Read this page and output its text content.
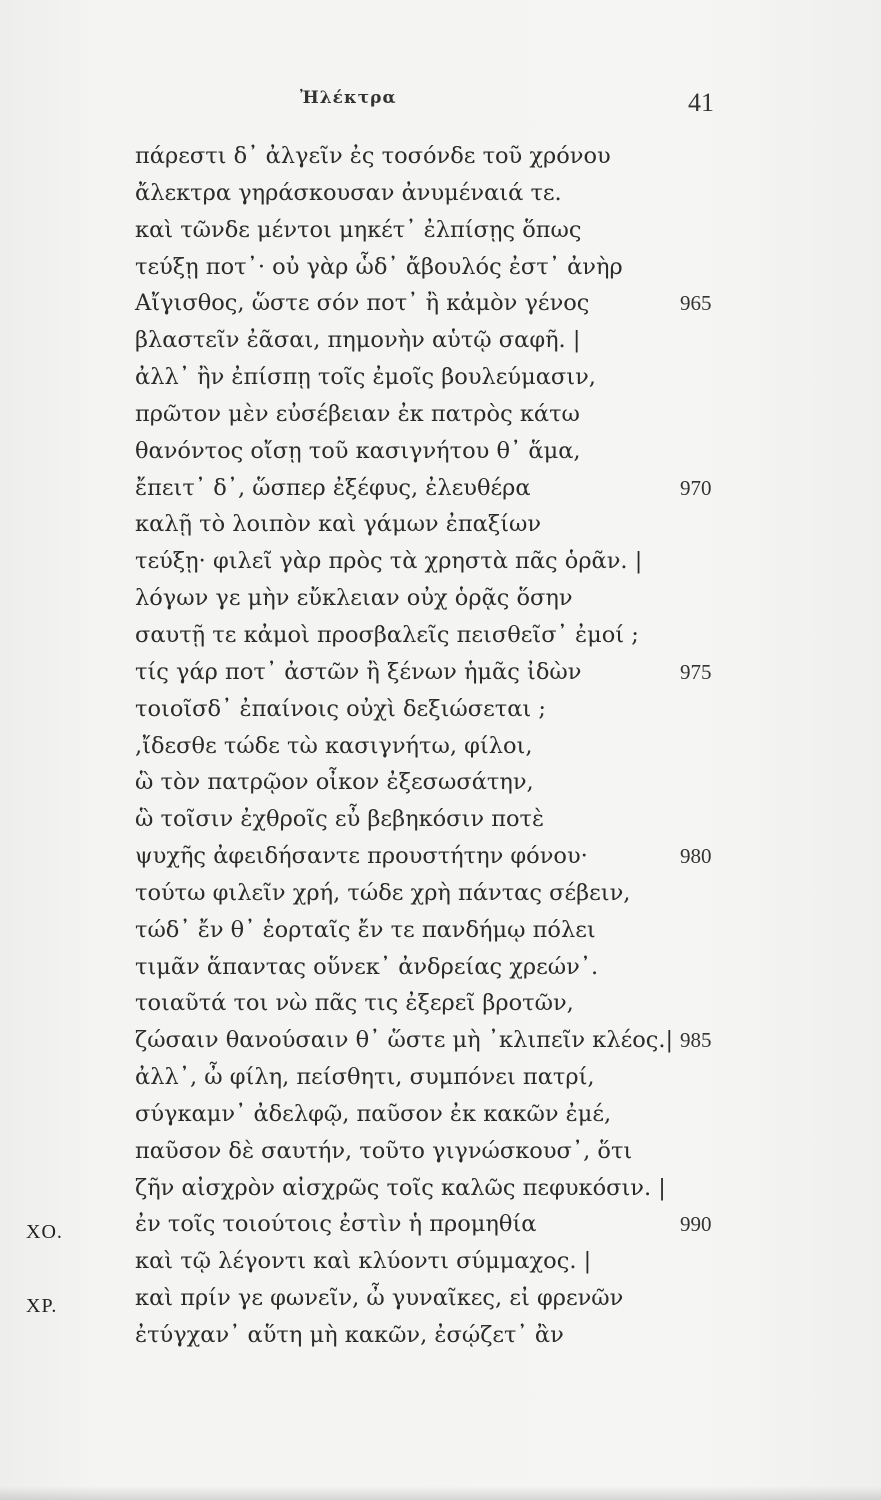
Ἠλέκτρα	41
πάρεστι δ᾽ ἀλγεῖν ἐς τοσόνδε τοῦ χρόνου
ἄλεκτρα γηράσκουσαν ἀνυμέναιά τε.
καὶ τῶνδε μέντοι μηκέτ᾽ ἐλπίσῃς ὅπως
τεύξῃ ποτ᾽· οὐ γὰρ ὧδ᾽ ἄβουλός ἐστ᾽ ἀνὴρ
Αἴγισθος, ὥστε σόν ποτ᾽ ἢ κἀμὸν γένος	965
βλαστεῖν ἐᾶσαι, πημονὴν αὑτῷ σαφῆ. |
ἀλλ᾽ ἢν ἐπίσπῃ τοῖς ἐμοῖς βουλεύμασιν,
πρῶτον μὲν εὐσέβειαν ἐκ πατρὸς κάτω
θανόντος οἴσῃ τοῦ κασιγνήτου θ᾽ ἅμα,
ἔπειτ᾽ δ᾽, ὥσπερ ἐξέφυς, ἐλευθέρα	970
καλῇ τὸ λοιπὸν καὶ γάμων ἐπαξίων
τεύξῃ· φιλεῖ γὰρ πρὸς τὰ χρηστὰ πᾶς ὁρᾶν. |
λόγων γε μὴν εὔκλειαν οὐχ ὁρᾷς ὅσην
σαυτῇ τε κἀμοὶ προσβαλεῖς πεισθεῖσ᾽ ἐμοί ;
τίς γάρ ποτ᾽ ἀστῶν ἢ ξένων ἡμᾶς ἰδὼν	975
τοιοῖσδ᾽ ἐπαίνοις οὐχὶ δεξιώσεται ;
,ἴδεσθε τώδε τὼ κασιγνήτω, φίλοι,
ὣ τὸν πατρῷον οἶκον ἐξεσωσάτην,
ὣ τοῖσιν ἐχθροῖς εὖ βεβηκόσιν ποτὲ
ψυχῆς ἀφειδήσαντε προυστήτην φόνου·	980
τούτω φιλεῖν χρή, τώδε χρὴ πάντας σέβειν,
τώδ᾽ ἔν θ᾽ ἑορταῖς ἔν τε πανδήμῳ πόλει
τιμᾶν ἅπαντας οὕνεκ᾽ ἀνδρείας χρεών᾽.
τοιαῦτά τοι νὼ πᾶς τις ἐξερεῖ βροτῶν,
ζώσαιν θανούσαιν θ᾽ ὥστε μὴ ᾽κλιπεῖν κλέος.| 985
ἀλλ᾽, ὦ φίλη, πείσθητι, συμπόνει πατρί,
σύγκαμν᾽ ἀδελφῷ, παῦσον ἐκ κακῶν ἐμέ,
παῦσον δὲ σαυτήν, τοῦτο γιγνώσκουσ᾽, ὅτι
ζῆν αἰσχρὸν αἰσχρῶς τοῖς καλῶς πεφυκόσιν. |
ΧΟ.	ἐν τοῖς τοιούτοις ἐστὶν ἡ προμηθία	990
καὶ τῷ λέγοντι καὶ κλύοντι σύμμαχος. |
ΧΡ.	καὶ πρίν γε φωνεῖν, ὦ γυναῖκες, εἰ φρενῶν
ἐτύγχαν᾽ αὕτη μὴ κακῶν, ἐσῴζετ᾽ ἂν
